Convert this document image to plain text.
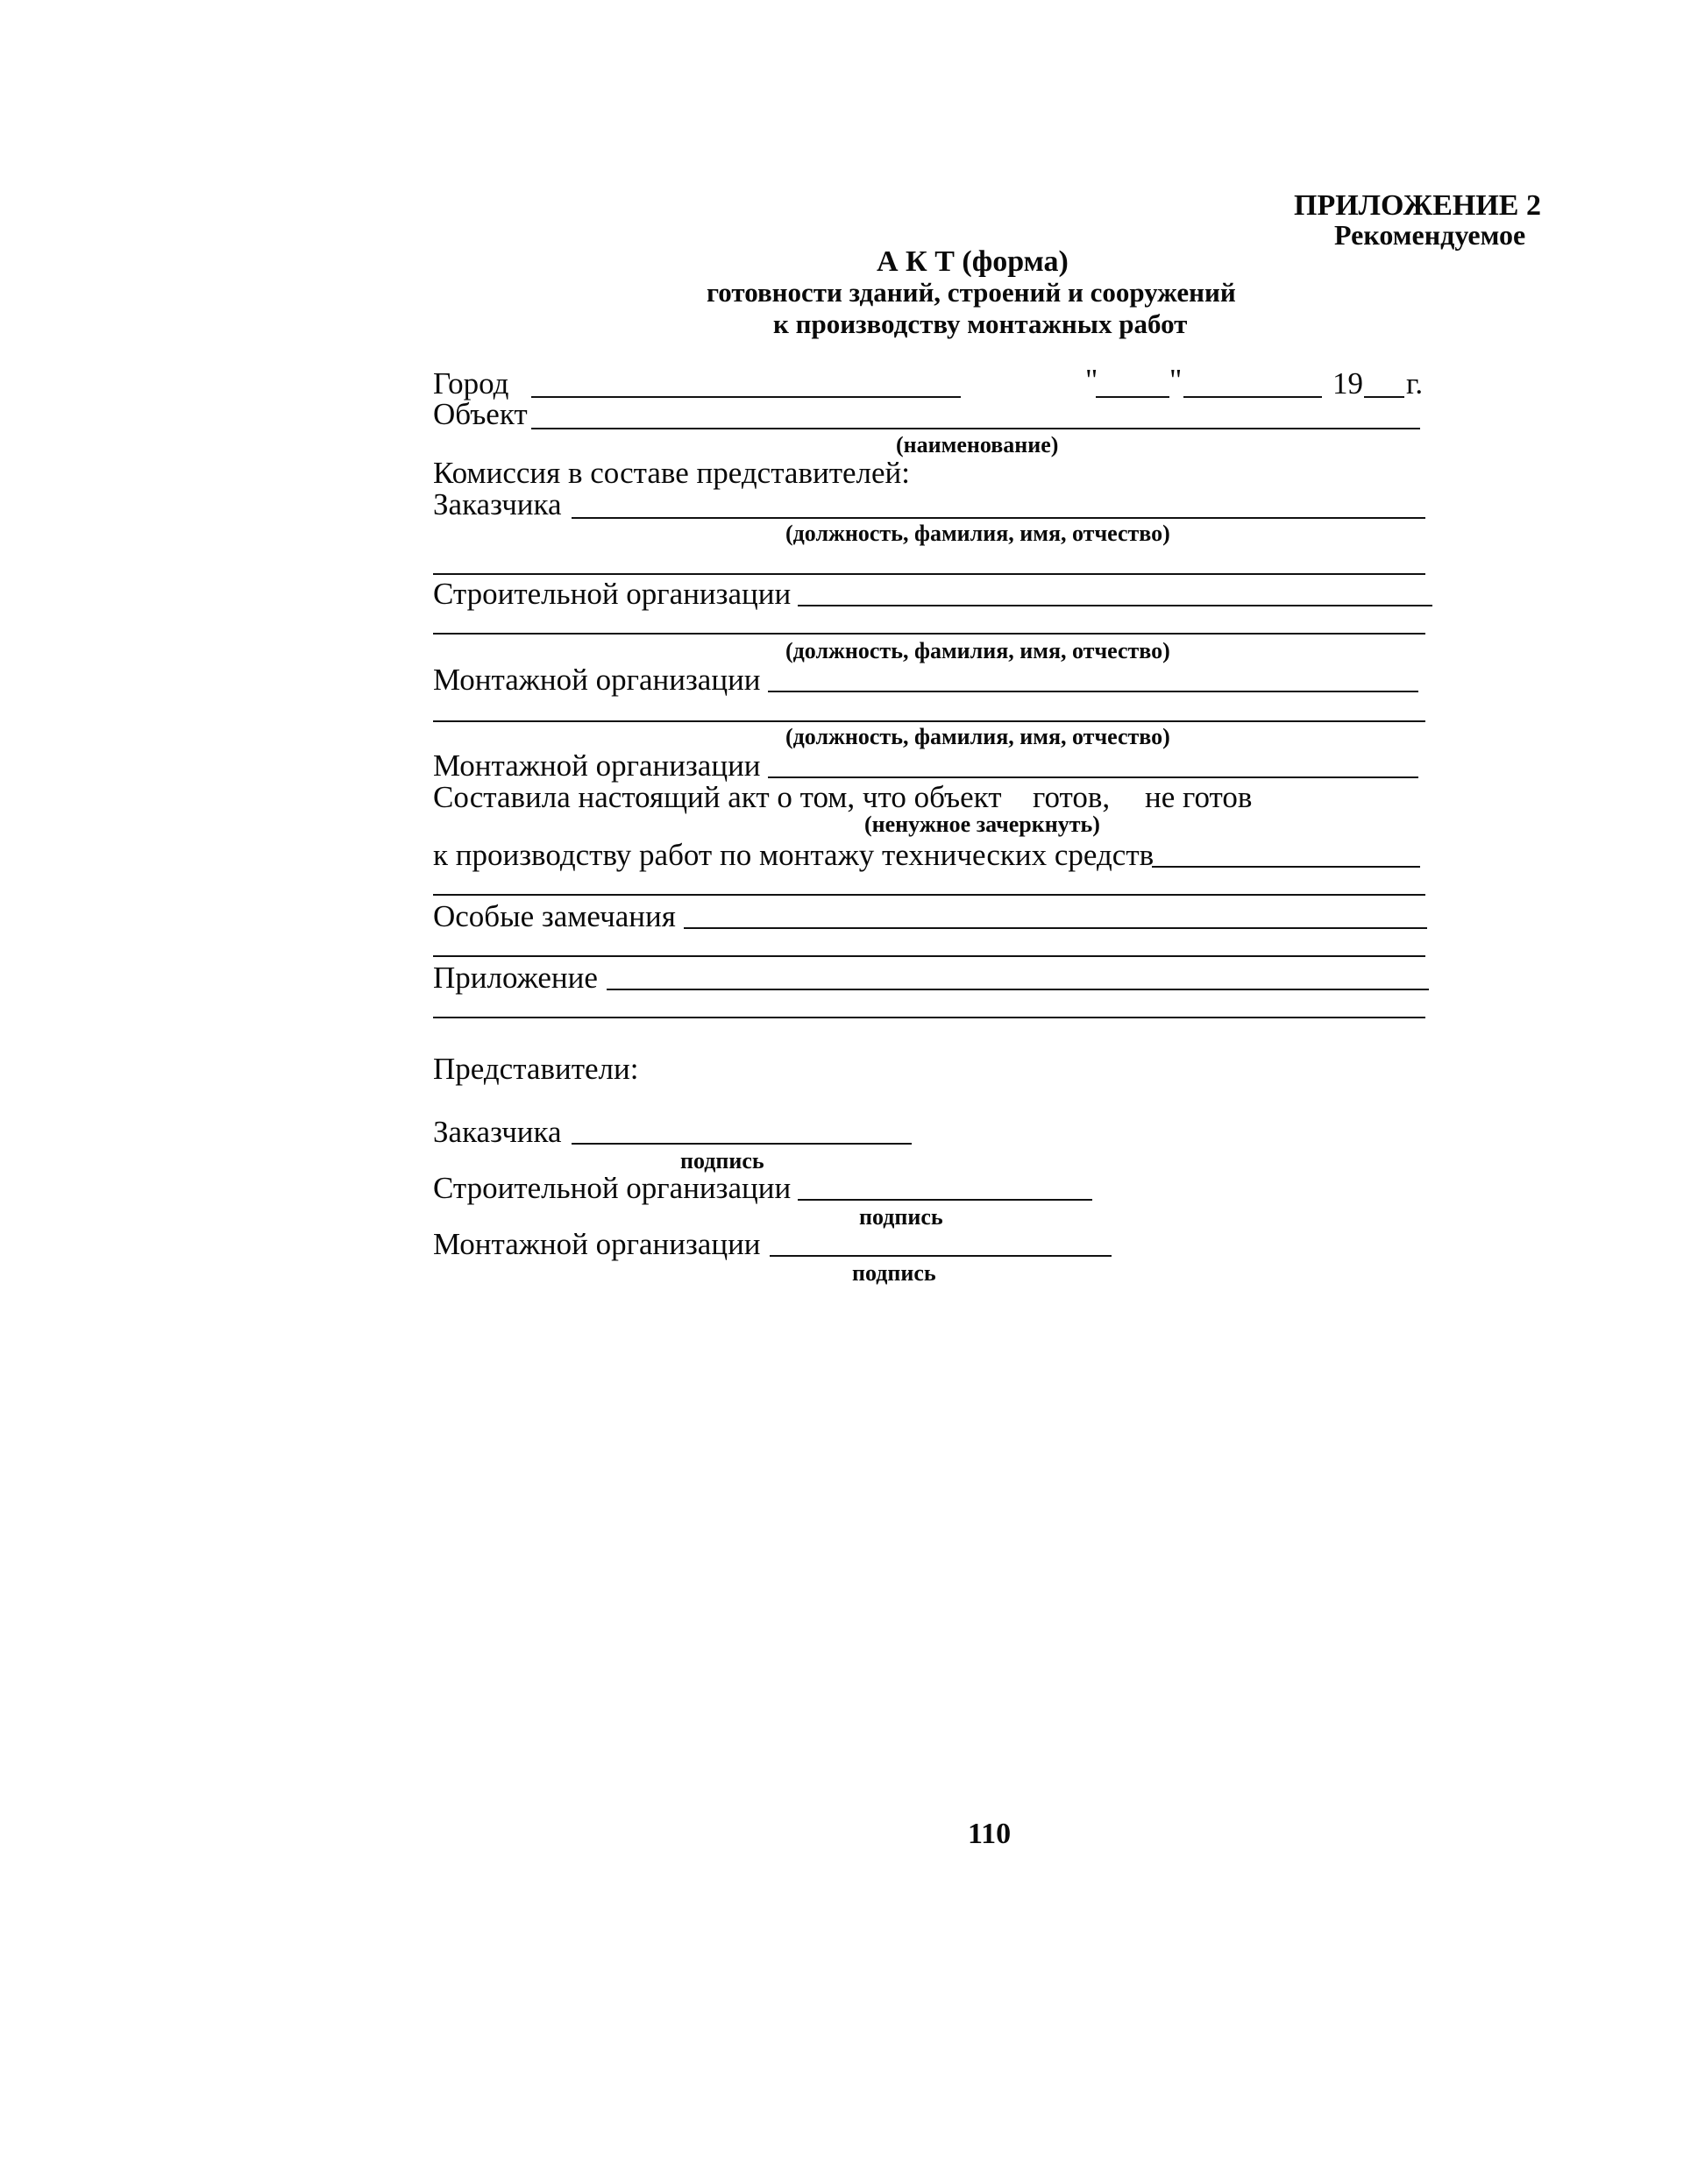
ПРИЛОЖЕНИЕ 2
Рекомендуемое
А К Т (форма)
готовности зданий, строений и сооружений
к производству монтажных работ
Город	" "	19 г.
Объект
(наименование)
Комиссия в составе представителей:
Заказчика
(должность, фамилия, имя, отчество)
Строительной организации
(должность, фамилия, имя, отчество)
Монтажной организации
(должность, фамилия, имя, отчество)
Монтажной организации
Составила настоящий акт о том, что объект готов, не готов
(ненужное зачеркнуть)
к производству работ по монтажу технических средств
Особые замечания
Приложение
Представители:
Заказчика
подпись
Строительной организации
подпись
Монтажной организации
подпись
110
